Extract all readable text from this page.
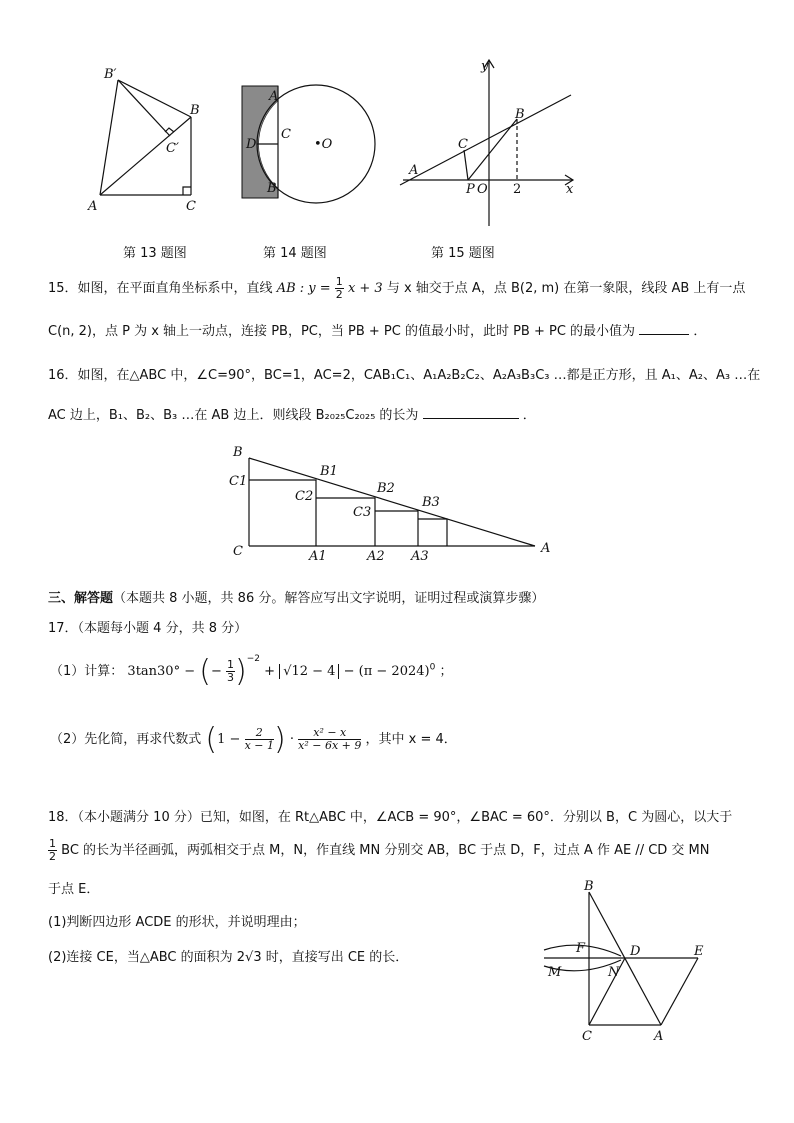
B′
B
C′
A	C
A
C
D	•O
B
y
B
C
A
P O 2	x
第 13 题图	第 14 题图	第 15 题图
15．如图，在平面直角坐标系中，直线 AB : $y = \frac{1}{2}$ x + 3 与 x 轴交于点 A，点 B(2, m) 在第一象限，线段 AB 上有一点
C(n, 2)，点 P 为 x 轴上一动点，连接 PB，PC，当 PB + PC 的值最小时，此时 PB + PC 的最小值为	．
16．如图，在△ABC 中，∠C=90°，BC=1，AC=2，CAB₁C₁、A₁A₂B₂C₂、A₂A₃B₃C₃ …都是正方形，且 A₁、A₂、A₃ …在
AC 边上，B₁、B₂、B₃ …在 AB 边上．则线段 B₂₀₂₅C₂₀₂₅ 的长为	．
B
C1
B1
C2
B2
C3
B3
C	A1	A2 A3
A
三、解答题（本题共 8 小题，共 86 分。解答应写出文字说明，证明过程或演算步骤）
17．（本题每小题 4 分，共 8 分）
（1）计算： 3tan30° − (− $\frac{1}{3} )^{-2} + √12 - 4 - (\pi - 2024)^0$ ；
（2）先化简，再求代数式 ($1 - \frac{2}{x - 1}$ ) · $\frac{\text{x² − x}}{\text{x² − 6x + 9}}$ ，其中 x = 4．
18．（本小题满分 10 分）已知，如图，在 Rt△ABC 中，∠ACB = 90°，∠BAC = 60°．分别以 B，C 为圆心，以大于
$\frac{1}{2}$ BC 的长为半径画弧，两弧相交于点 M，N，作直线 MN 分别交 AB，BC 于点 D，F，过点 A 作 AE // CD 交 MN
于点 E．
(1)判断四边形 ACDE 的形状，并说明理由；
(2)连接 CE，当△ABC 的面积为 2√3 时，直接写出 CE 的长．
B
F	D	E
M	N
C	A
